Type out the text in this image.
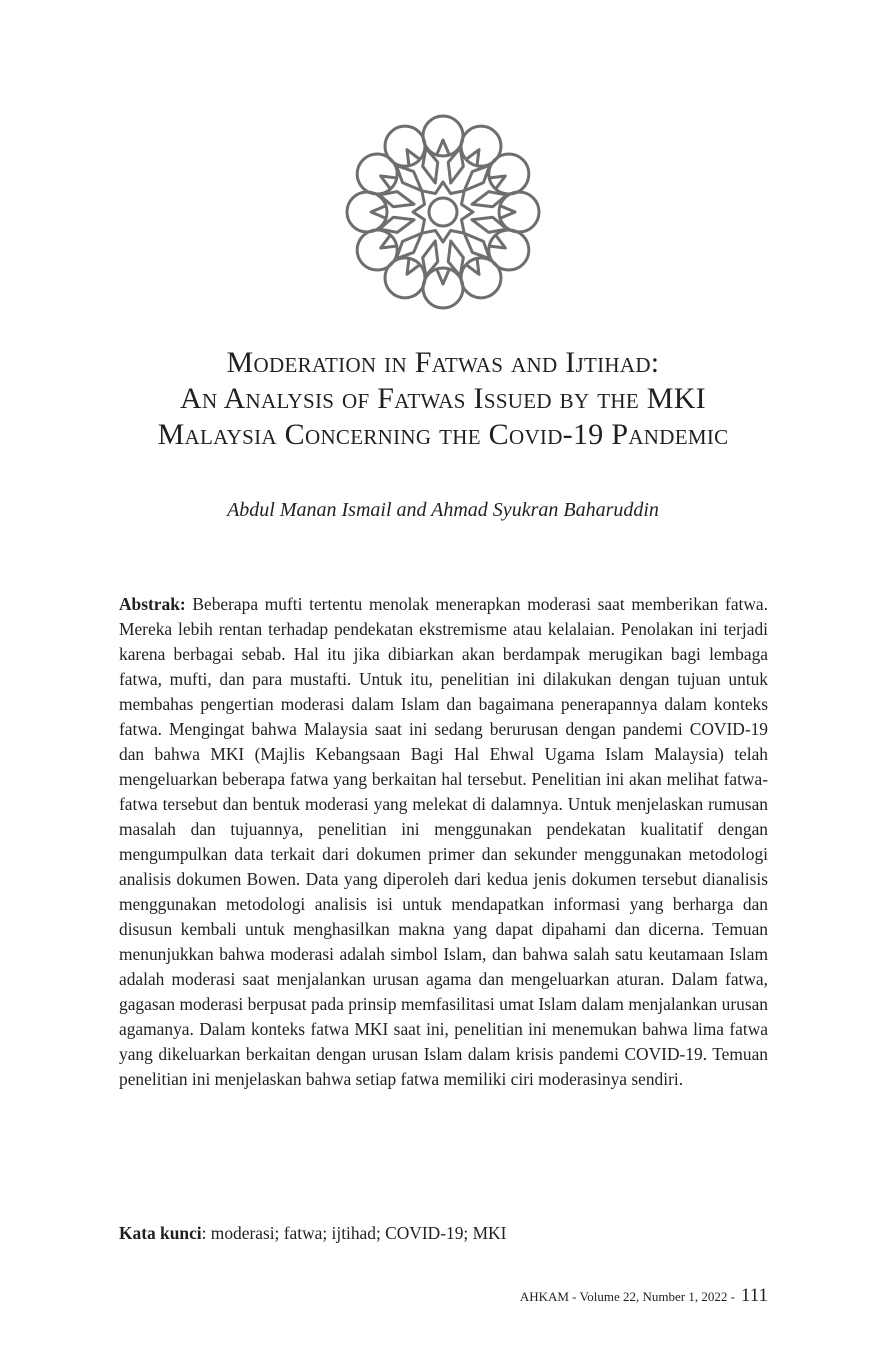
Moderation in Fatwas and Ijtihad:
An Analysis of Fatwas Issued by the MKI
Malaysia Concerning the Covid-19 Pandemic
Abdul Manan Ismail and Ahmad Syukran Baharuddin

Abstrak: Beberapa mufti tertentu menolak menerapkan moderasi saat memberikan fatwa. Mereka lebih rentan terhadap pendekatan ekstremisme atau kelalaian. Penolakan ini terjadi karena berbagai sebab. Hal itu jika dibiarkan akan berdampak merugikan bagi lembaga fatwa, mufti, dan para mustafti. Untuk itu, penelitian ini dilakukan dengan tujuan untuk membahas pengertian moderasi dalam Islam dan bagaimana penerapannya dalam konteks fatwa. Mengingat bahwa Malaysia saat ini sedang berurusan dengan pandemi COVID-19 dan bahwa MKI (Majlis Kebangsaan Bagi Hal Ehwal Ugama Islam Malaysia) telah mengeluarkan beberapa fatwa yang berkaitan hal tersebut. Penelitian ini akan melihat fatwa-fatwa tersebut dan bentuk moderasi yang melekat di dalamnya. Untuk menjelaskan rumusan masalah dan tujuannya, penelitian ini menggunakan pendekatan kualitatif dengan mengumpulkan data terkait dari dokumen primer dan sekunder menggunakan metodologi analisis dokumen Bowen. Data yang diperoleh dari kedua jenis dokumen tersebut dianalisis menggunakan metodologi analisis isi untuk mendapatkan informasi yang berharga dan disusun kembali untuk menghasilkan makna yang dapat dipahami dan dicerna. Temuan menunjukkan bahwa moderasi adalah simbol Islam, dan bahwa salah satu keutamaan Islam adalah moderasi saat menjalankan urusan agama dan mengeluarkan aturan. Dalam fatwa, gagasan moderasi berpusat pada prinsip memfasilitasi umat Islam dalam menjalankan urusan agamanya. Dalam konteks fatwa MKI saat ini, penelitian ini menemukan bahwa lima fatwa yang dikeluarkan berkaitan dengan urusan Islam dalam krisis pandemi COVID-19. Temuan penelitian ini menjelaskan bahwa setiap fatwa memiliki ciri moderasinya sendiri.

Kata kunci: moderasi; fatwa; ijtihad; COVID-19; MKI
AHKAM - Volume 22, Number 1, 2022 - 111
